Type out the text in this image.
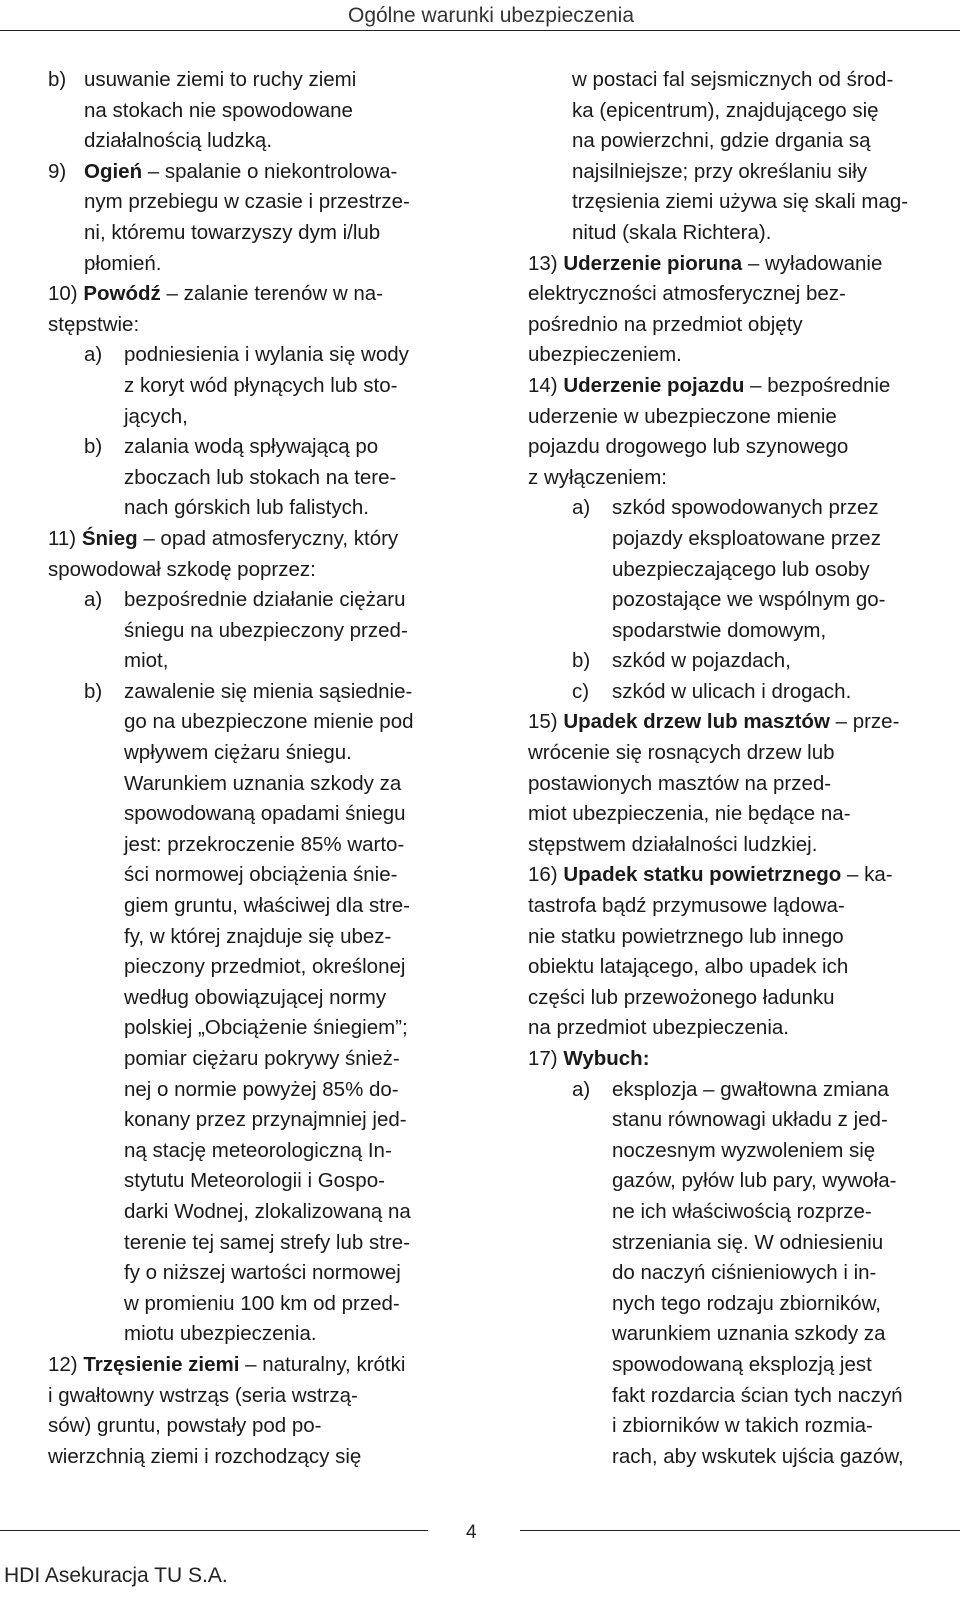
Ogólne warunki ubezpieczenia
b) usuwanie ziemi to ruchy ziemi
na stokach nie spowodowane
działalnością ludzką.
9) Ogień – spalanie o niekontrolowa-
nym przebiegu w czasie i przestrze-
ni, któremu towarzyszy dym i/lub
płomień.
10) Powódź – zalanie terenów w na-
stępstwie:
a) podniesienia i wylania się wody
z koryt wód płynących lub sto-
jących,
b) zalania wodą spływającą po
zboczach lub stokach na tere-
nach górskich lub falistych.
11) Śnieg – opad atmosferyczny, który
spowodował szkodę poprzez:
a) bezpośrednie działanie ciężaru
śniegu na ubezpieczony przed-
miot,
b) zawalenie się mienia sąsiednie-
go na ubezpieczone mienie pod
wpływem ciężaru śniegu.
Warunkiem uznania szkody za
spowodowaną opadami śniegu
jest: przekroczenie 85% warto-
ści normowej obciążenia śnie-
giem gruntu, właściwej dla stre-
fy, w której znajduje się ubez-
pieczony przedmiot, określonej
według obowiązującej normy
polskiej „Obciążenie śniegiem”;
pomiar ciężaru pokrywy śnież-
nej o normie powyżej 85% do-
konany przez przynajmniej jed-
ną stację meteorologiczną In-
stytutu Meteorologii i Gospo-
darki Wodnej, zlokalizowaną na
terenie tej samej strefy lub stre-
fy o niższej wartości normowej
w promieniu 100 km od przed-
miotu ubezpieczenia.
12) Trzęsienie ziemi – naturalny, krótki
i gwałtowny wstrząs (seria wstrzą-
sów) gruntu, powstały pod po-
wierzchnią ziemi i rozchodzący się
w postaci fal sejsmicznych od środ-
ka (epicentrum), znajdującego się
na powierzchni, gdzie drgania są
najsilniejsze; przy określaniu siły
trzęsienia ziemi używa się skali mag-
nitud (skala Richtera).
13) Uderzenie pioruna – wyładowanie
elektryczności atmosferycznej bez-
pośrednio na przedmiot objęty
ubezpieczeniem.
14) Uderzenie pojazdu – bezpośrednie
uderzenie w ubezpieczone mienie
pojazdu drogowego lub szynowego
z wyłączeniem:
a) szkód spowodowanych przez
pojazdy eksploatowane przez
ubezpieczającego lub osoby
pozostające we wspólnym go-
spodarstwie domowym,
b) szkód w pojazdach,
c) szkód w ulicach i drogach.
15) Upadek drzew lub masztów – prze-
wrócenie się rosnących drzew lub
postawionych masztów na przed-
miot ubezpieczenia, nie będące na-
stępstwem działalności ludzkiej.
16) Upadek statku powietrznego – ka-
tastrofa bądź przymusowe lądowa-
nie statku powietrznego lub innego
obiektu latającego, albo upadek ich
części lub przewożonego ładunku
na przedmiot ubezpieczenia.
17) Wybuch:
a) eksplozja – gwałtowna zmiana
stanu równowagi układu z jed-
noczesnym wyzwoleniem się
gazów, pyłów lub pary, wywoła-
ne ich właściwością rozprze-
strzeniania się. W odniesieniu
do naczyń ciśnieniowych i in-
nych tego rodzaju zbiorników,
warunkiem uznania szkody za
spowodowaną eksplozją jest
fakt rozdarcia ścian tych naczyń
i zbiorników w takich rozmia-
rach, aby wskutek ujścia gazów,
4
HDI Asekuracja TU S.A.
